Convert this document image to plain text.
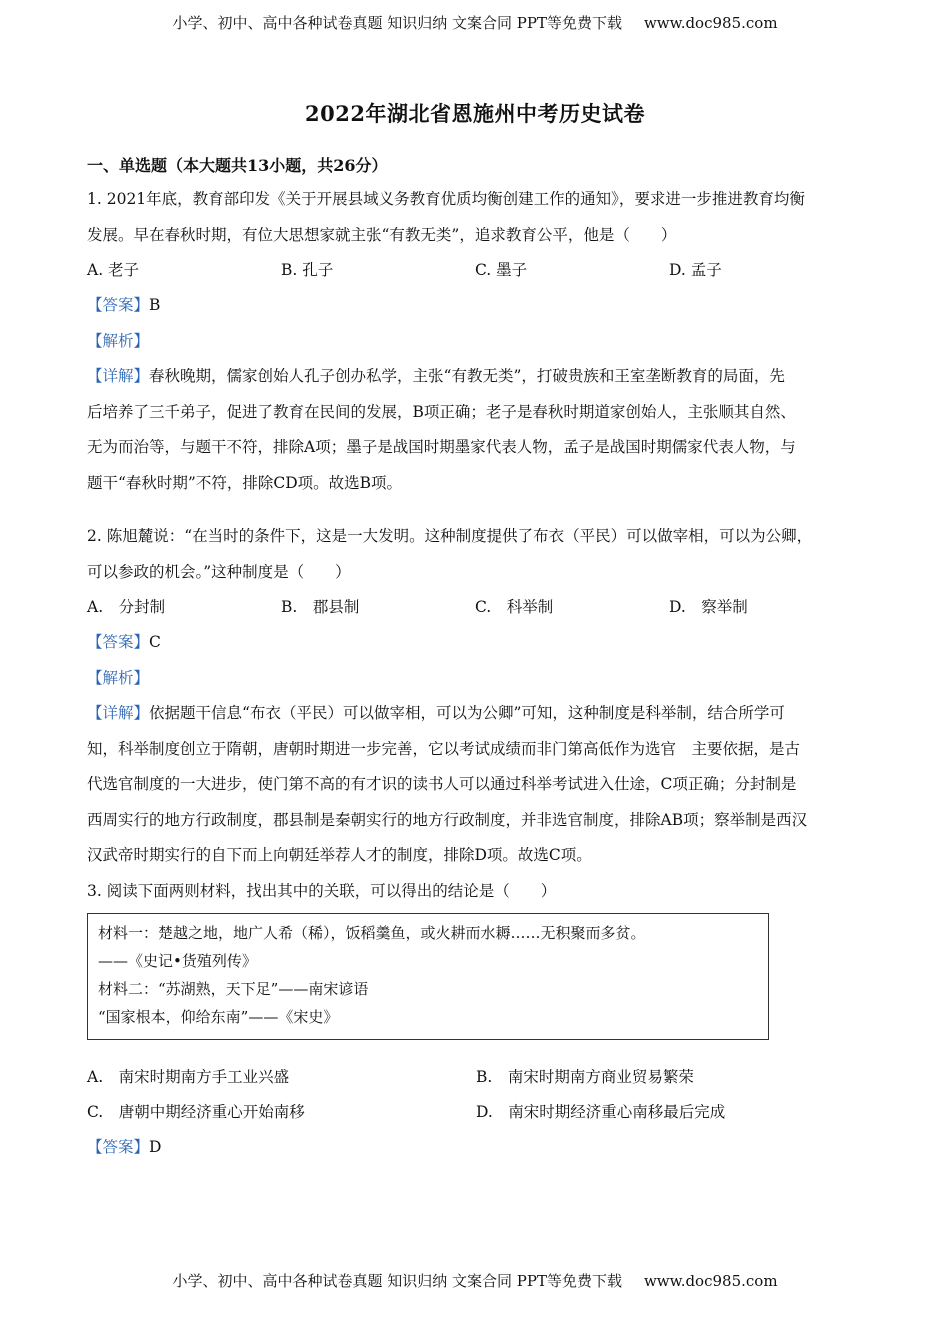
小学、初中、高中各种试卷真题 知识归纳 文案合同 PPT等免费下载 www.doc985.com
2022年湖北省恩施州中考历史试卷
一、单选题（本大题共13小题，共26分）

1. 2021年底，教育部印发《关于开展县域义务教育优质均衡创建工作的通知》，要求进一步推进教育均衡

发展。早在春秋时期，有位大思想家就主张“有教无类”，追求教育公平，他是（　　）

A. 老子	B. 孔子	C. 墨子	D. 孟子

【答案】B

【解析】

【详解】春秋晚期，儒家创始人孔子创办私学，主张“有教无类”，打破贵族和王室垄断教育的局面，先

后培养了三千弟子，促进了教育在民间的发展，B项正确；老子是春秋时期道家创始人，主张顺其自然、

无为而治等，与题干不符，排除A项；墨子是战国时期墨家代表人物，孟子是战国时期儒家代表人物，与

题干“春秋时期”不符，排除CD项。故选B项。

2. 陈旭麓说：“在当时的条件下，这是一大发明。这种制度提供了布衣（平民）可以做宰相，可以为公卿，

可以参政的机会。”这种制度是（　　）

A.　分封制	B.　郡县制	C.　科举制	D.　察举制

【答案】C

【解析】

【详解】依据题干信息“布衣（平民）可以做宰相，可以为公卿”可知，这种制度是科举制，结合所学可

知，科举制度创立于隋朝，唐朝时期进一步完善，它以考试成绩而非门第高低作为选官　主要依据，是古

代选官制度的一大进步，使门第不高的有才识的读书人可以通过科举考试进入仕途，C项正确；分封制是

西周实行的地方行政制度，郡县制是秦朝实行的地方行政制度，并非选官制度，排除AB项；察举制是西汉

汉武帝时期实行的自下而上向朝廷举荐人才的制度，排除D项。故选C项。

3. 阅读下面两则材料，找出其中的关联，可以得出的结论是（　　）

材料一：楚越之地，地广人希（稀），饭稻羹鱼，或火耕而水耨……无积聚而多贫。
——《史记•货殖列传》
材料二：“苏湖熟，天下足”——南宋谚语
“国家根本，仰给东南”——《宋史》
A.　南宋时期南方手工业兴盛	B.　南宋时期南方商业贸易繁荣
C.　唐朝中期经济重心开始南移	D.　南宋时期经济重心南移最后完成

【答案】D

小学、初中、高中各种试卷真题 知识归纳 文案合同 PPT等免费下载 www.doc985.com
